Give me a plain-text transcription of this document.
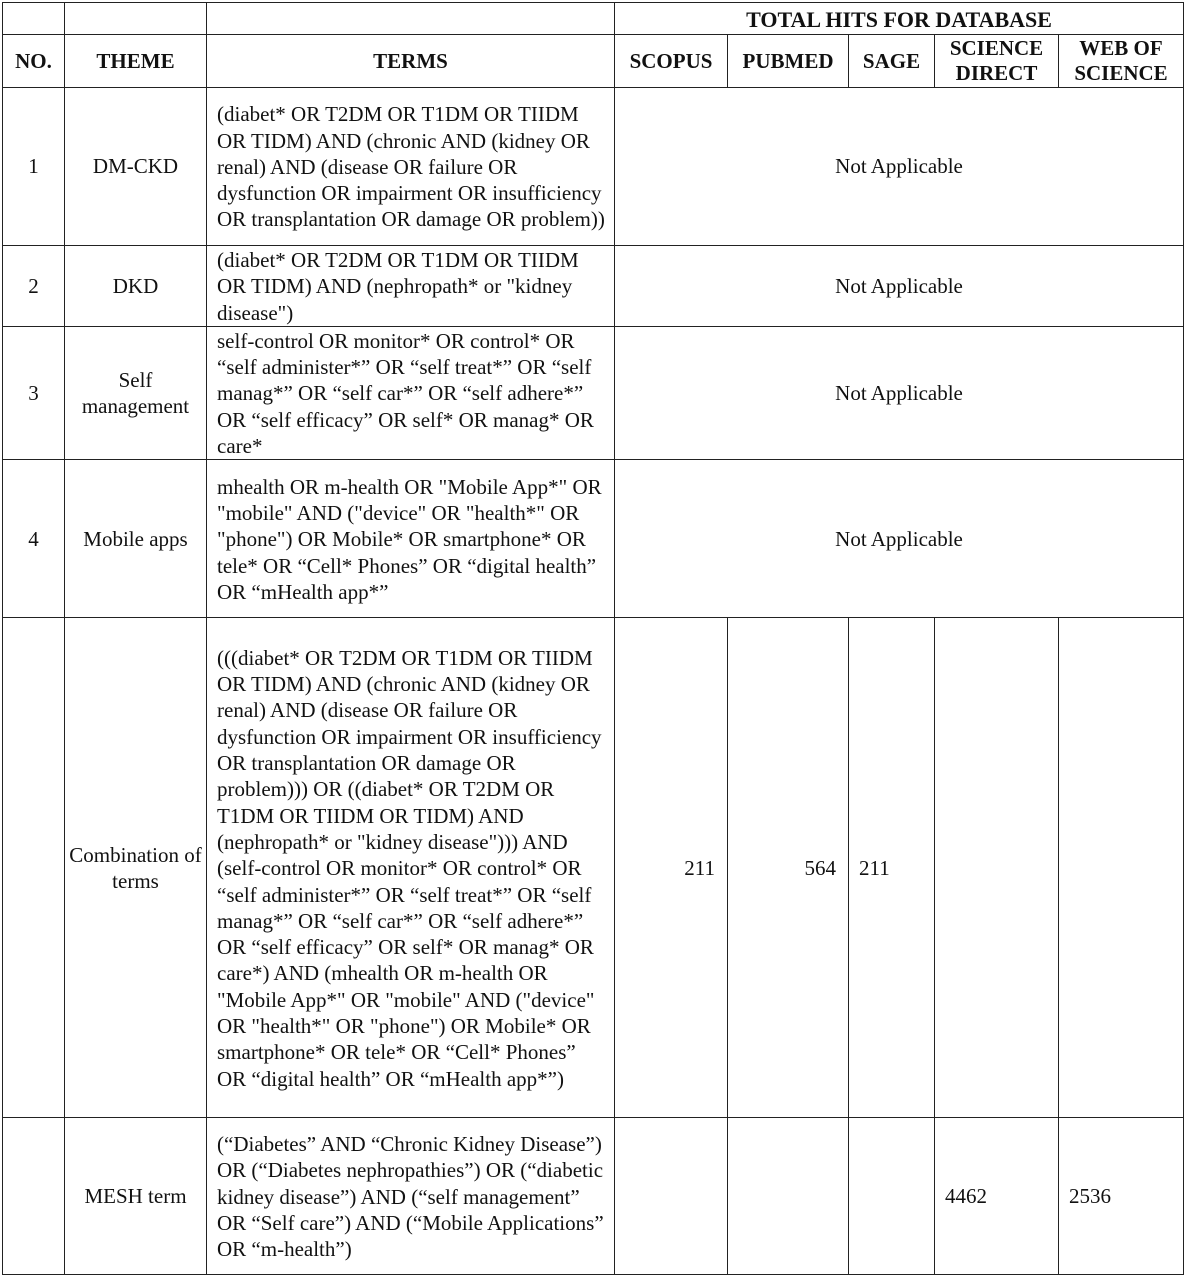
			TOTAL HITS FOR DATABASE				
NO.	THEME	TERMS	SCOPUS	PUBMED	SAGE	SCIENCE DIRECT	WEB OF SCIENCE
1	DM-CKD	(diabet* OR T2DM OR T1DM OR TIIDM OR TIDM) AND (chronic AND (kidney OR renal) AND (disease OR failure OR dysfunction OR impairment OR insufficiency OR transplantation OR damage OR problem))	Not Applicable				
2	DKD	(diabet* OR T2DM OR T1DM OR TIIDM OR TIDM) AND (nephropath* or "kidney disease")	Not Applicable				
3	Self management	self-control OR monitor* OR control* OR “self administer*” OR “self treat*” OR “self manag*” OR “self car*” OR “self adhere*” OR “self efficacy” OR self* OR manag* OR care*	Not Applicable				
4	Mobile apps	mhealth OR m-health OR "Mobile App*" OR "mobile" AND ("device" OR "health*" OR "phone") OR Mobile* OR smartphone* OR tele* OR “Cell* Phones” OR “digital health” OR “mHealth app*”	Not Applicable				
	Combination of terms	(((diabet* OR T2DM OR T1DM OR TIIDM OR TIDM) AND (chronic AND (kidney OR renal) AND (disease OR failure OR dysfunction OR impairment OR insufficiency OR transplantation OR damage OR problem))) OR ((diabet* OR T2DM OR T1DM OR TIIDM OR TIDM) AND (nephropath* or "kidney disease"))) AND (self-control OR monitor* OR control* OR “self administer*” OR “self treat*” OR “self manag*” OR “self car*” OR “self adhere*” OR “self efficacy” OR self* OR manag* OR care*) AND (mhealth OR m-health OR "Mobile App*" OR "mobile" AND ("device" OR "health*" OR "phone") OR Mobile* OR smartphone* OR tele* OR “Cell* Phones” OR “digital health” OR “mHealth app*”)	211	564	211		
	MESH term	(“Diabetes” AND “Chronic Kidney Disease”) OR (“Diabetes nephropathies”) OR (“diabetic kidney disease”) AND (“self management” OR “Self care”) AND (“Mobile Applications” OR “m-health”)				4462	2536
